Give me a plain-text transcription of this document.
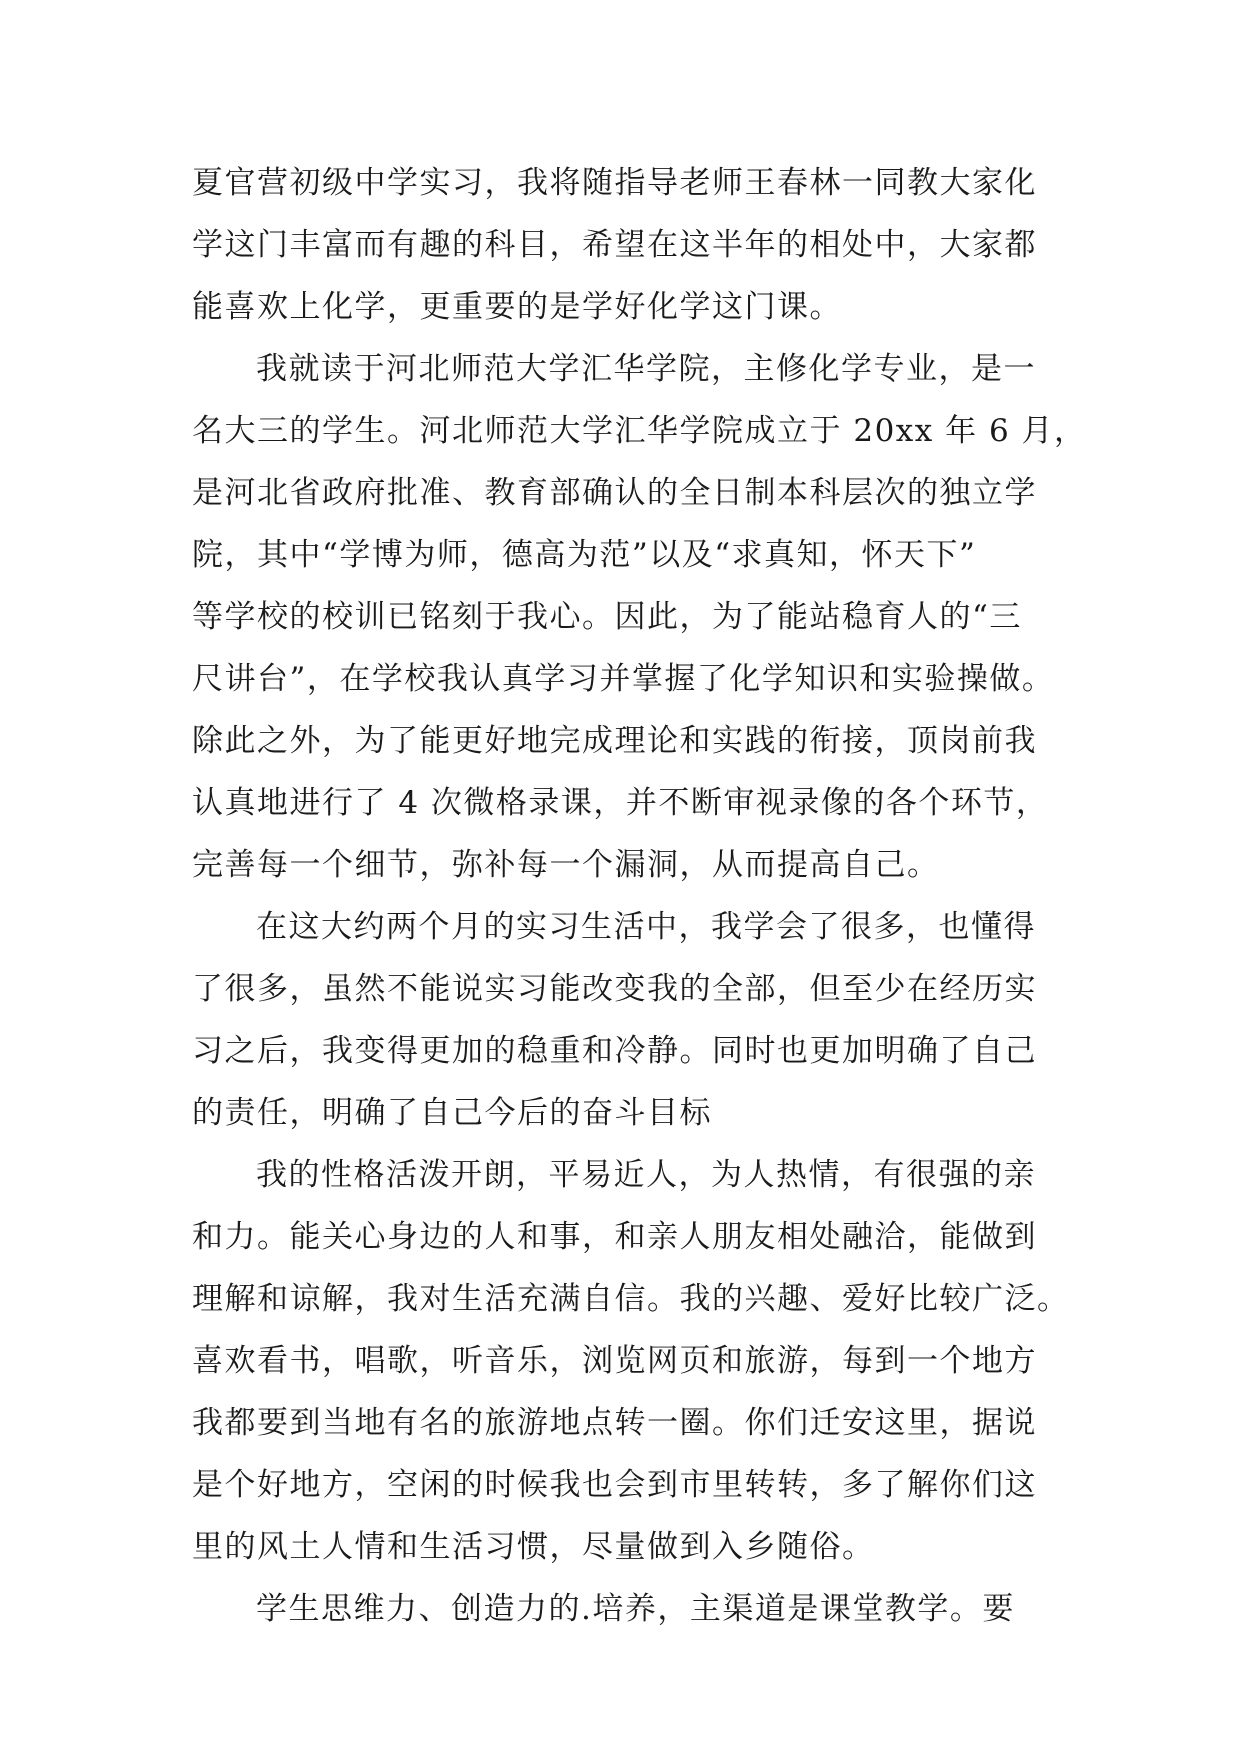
夏官营初级中学实习，我将随指导老师王春林一同教大家化
学这门丰富而有趣的科目，希望在这半年的相处中，大家都
能喜欢上化学，更重要的是学好化学这门课。
我就读于河北师范大学汇华学院，主修化学专业，是一
名大三的学生。河北师范大学汇华学院成立于 20xx 年 6 月，
是河北省政府批准、教育部确认的全日制本科层次的独立学
院，其中“学博为师，德高为范”以及“求真知，怀天下”
等学校的校训已铭刻于我心。因此，为了能站稳育人的“三
尺讲台”，在学校我认真学习并掌握了化学知识和实验操做。
除此之外，为了能更好地完成理论和实践的衔接，顶岗前我
认真地进行了 4 次微格录课，并不断审视录像的各个环节，
完善每一个细节，弥补每一个漏洞，从而提高自己。
在这大约两个月的实习生活中，我学会了很多，也懂得
了很多，虽然不能说实习能改变我的全部，但至少在经历实
习之后，我变得更加的稳重和冷静。同时也更加明确了自己
的责任，明确了自己今后的奋斗目标
我的性格活泼开朗，平易近人，为人热情，有很强的亲
和力。能关心身边的人和事，和亲人朋友相处融洽，能做到
理解和谅解，我对生活充满自信。我的兴趣、爱好比较广泛。
喜欢看书，唱歌，听音乐，浏览网页和旅游，每到一个地方
我都要到当地有名的旅游地点转一圈。你们迁安这里，据说
是个好地方，空闲的时候我也会到市里转转，多了解你们这
里的风土人情和生活习惯，尽量做到入乡随俗。
学生思维力、创造力的.培养，主渠道是课堂教学。要
